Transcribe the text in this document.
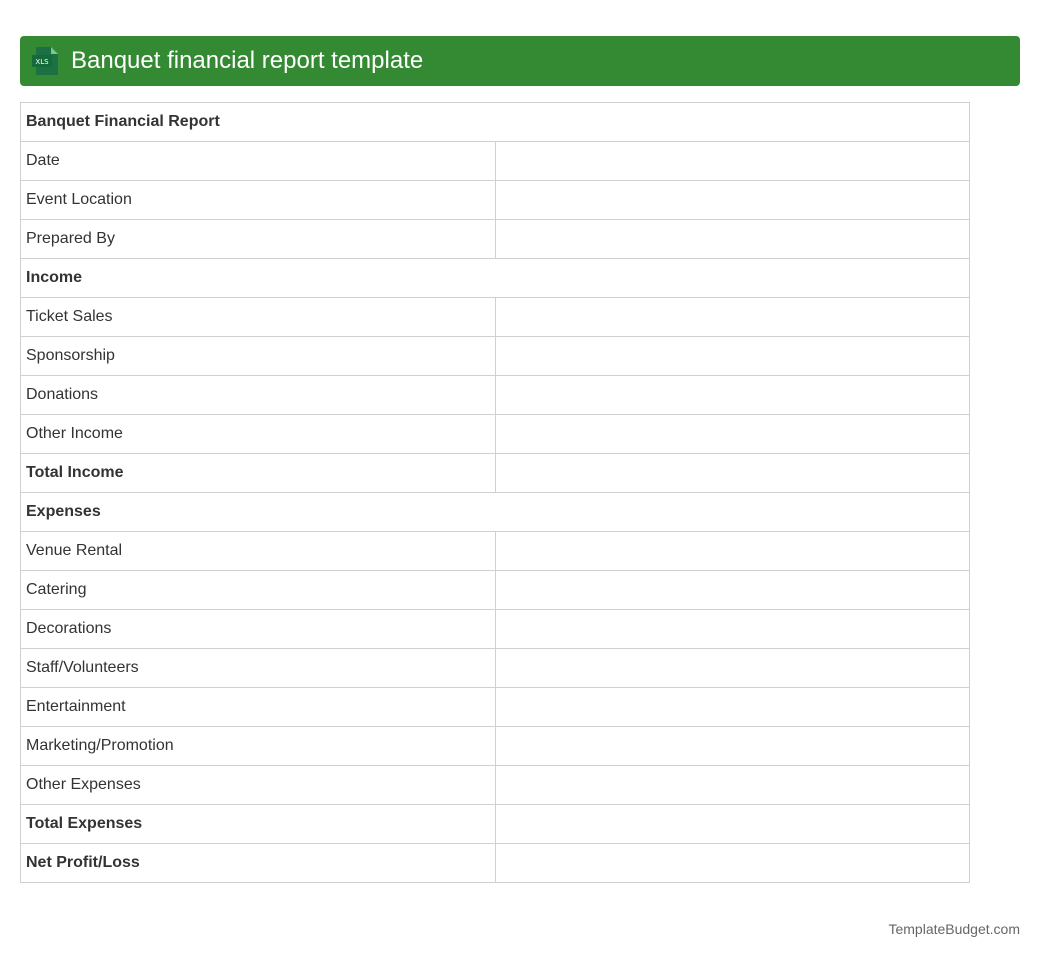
XLS Banquet financial report template
Banquet Financial Report	
Date	
Event Location	
Prepared By	
Income	
Ticket Sales	
Sponsorship	
Donations	
Other Income	
Total Income	
Expenses	
Venue Rental	
Catering	
Decorations	
Staff/Volunteers	
Entertainment	
Marketing/Promotion	
Other Expenses	
Total Expenses	
Net Profit/Loss	
TemplateBudget.com
